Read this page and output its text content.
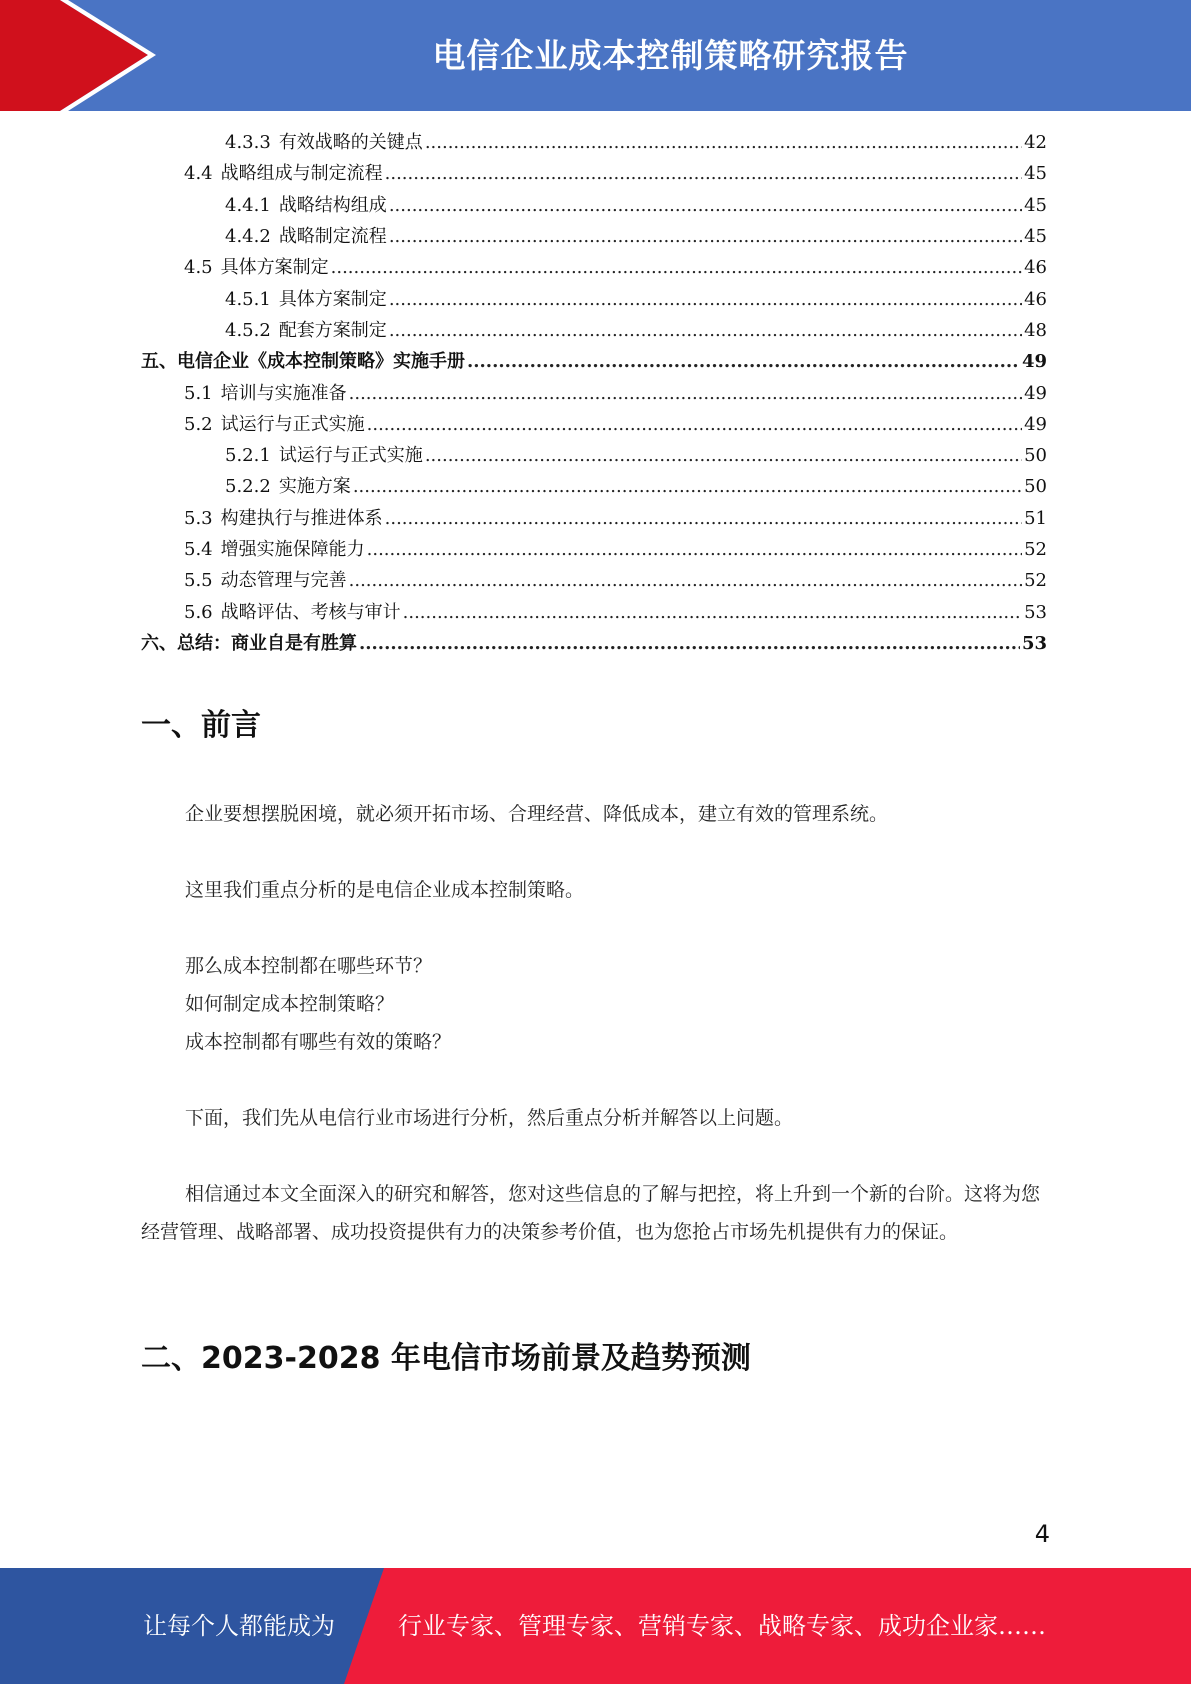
电信企业成本控制策略研究报告
4.3.3 有效战略的关键点 .....	42
4.4 战略组成与制定流程 .....	45
4.4.1 战略结构组成 .....	45
4.4.2 战略制定流程 .....	45
4.5 具体方案制定 .....	46
4.5.1 具体方案制定 .....	46
4.5.2 配套方案制定 .....	48
五、电信企业《成本控制策略》实施手册 .....	49
5.1 培训与实施准备 .....	49
5.2 试运行与正式实施 .....	49
5.2.1 试运行与正式实施 .....	50
5.2.2 实施方案 .....	50
5.3 构建执行与推进体系 .....	51
5.4 增强实施保障能力 .....	52
5.5 动态管理与完善 .....	52
5.6 战略评估、考核与审计 .....	53
六、总结：商业自是有胜算 .....	53
一、前言
企业要想摆脱困境，就必须开拓市场、合理经营、降低成本，建立有效的管理系统。
这里我们重点分析的是电信企业成本控制策略。
那么成本控制都在哪些环节？
如何制定成本控制策略？
成本控制都有哪些有效的策略？
下面，我们先从电信行业市场进行分析，然后重点分析并解答以上问题。
相信通过本文全面深入的研究和解答，您对这些信息的了解与把控，将上升到一个新的台阶。这将为您经营管理、战略部署、成功投资提供有力的决策参考价值，也为您抢占市场先机提供有力的保证。
二、2023-2028 年电信市场前景及趋势预测
4
让每个人都能成为	行业专家、管理专家、营销专家、战略专家、成功企业家……
